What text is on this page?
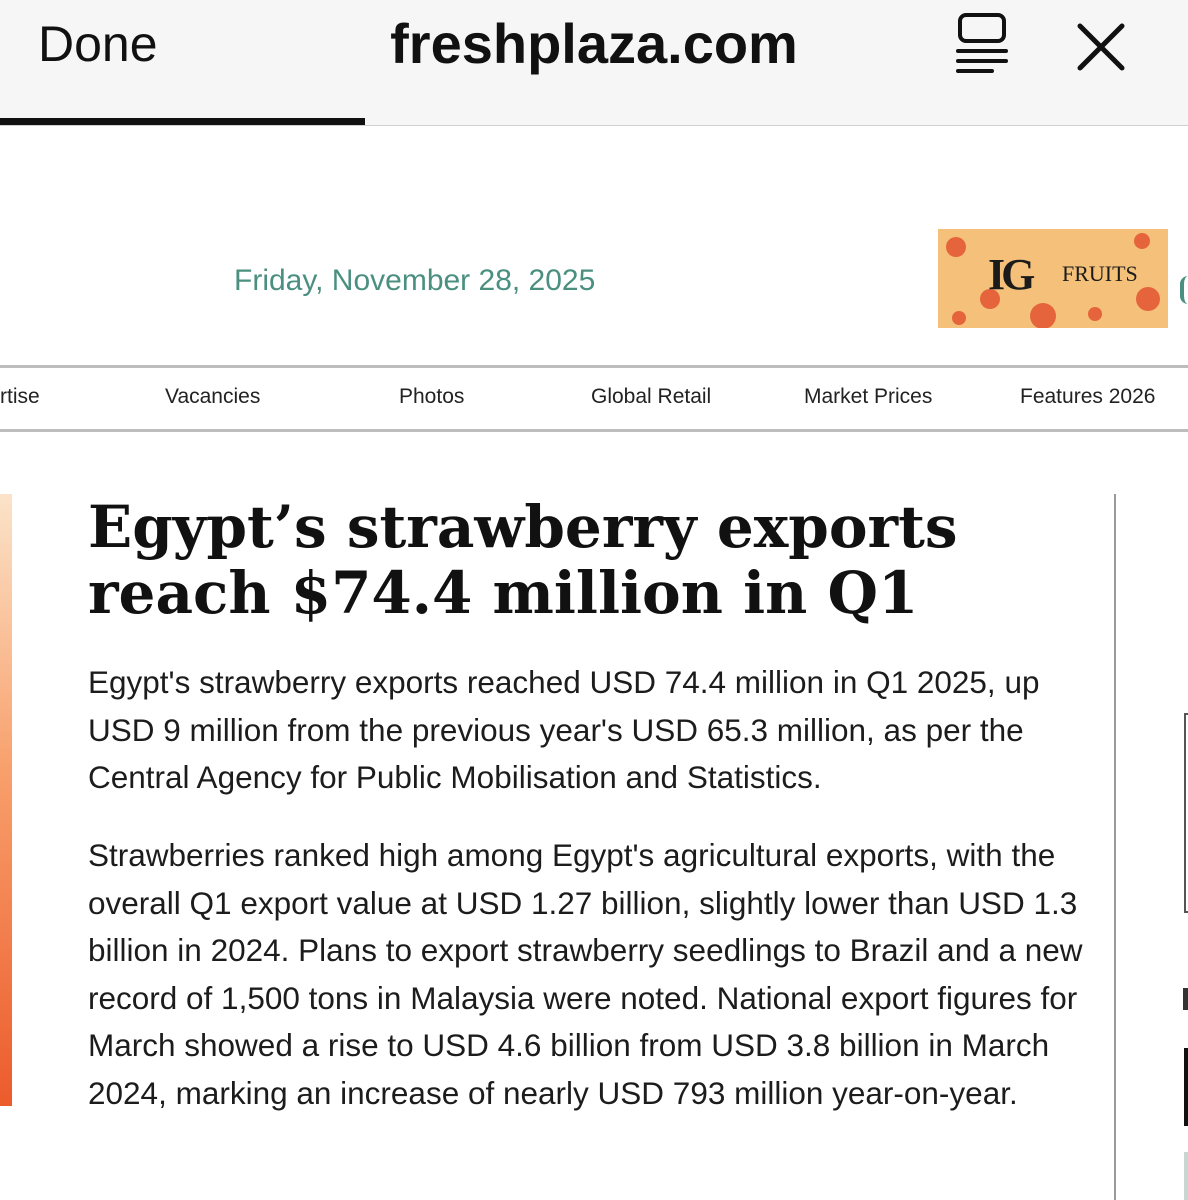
Done	freshplaza.com
Friday, November 28, 2025	IG FRUITS
rtise	Vacancies	Photos	Global Retail	Market Prices	Features 2026
Egypt’s strawberry exports reach $74.4 million in Q1

Egypt's strawberry exports reached USD 74.4 million in Q1 2025, up USD 9 million from the previous year's USD 65.3 million, as per the Central Agency for Public Mobilisation and Statistics.

Strawberries ranked high among Egypt's agricultural exports, with the overall Q1 export value at USD 1.27 billion, slightly lower than USD 1.3 billion in 2024. Plans to export strawberry seedlings to Brazil and a new record of 1,500 tons in Malaysia were noted. National export figures for March showed a rise to USD 4.6 billion from USD 3.8 billion in March 2024, marking an increase of nearly USD 793 million year-on-year.
